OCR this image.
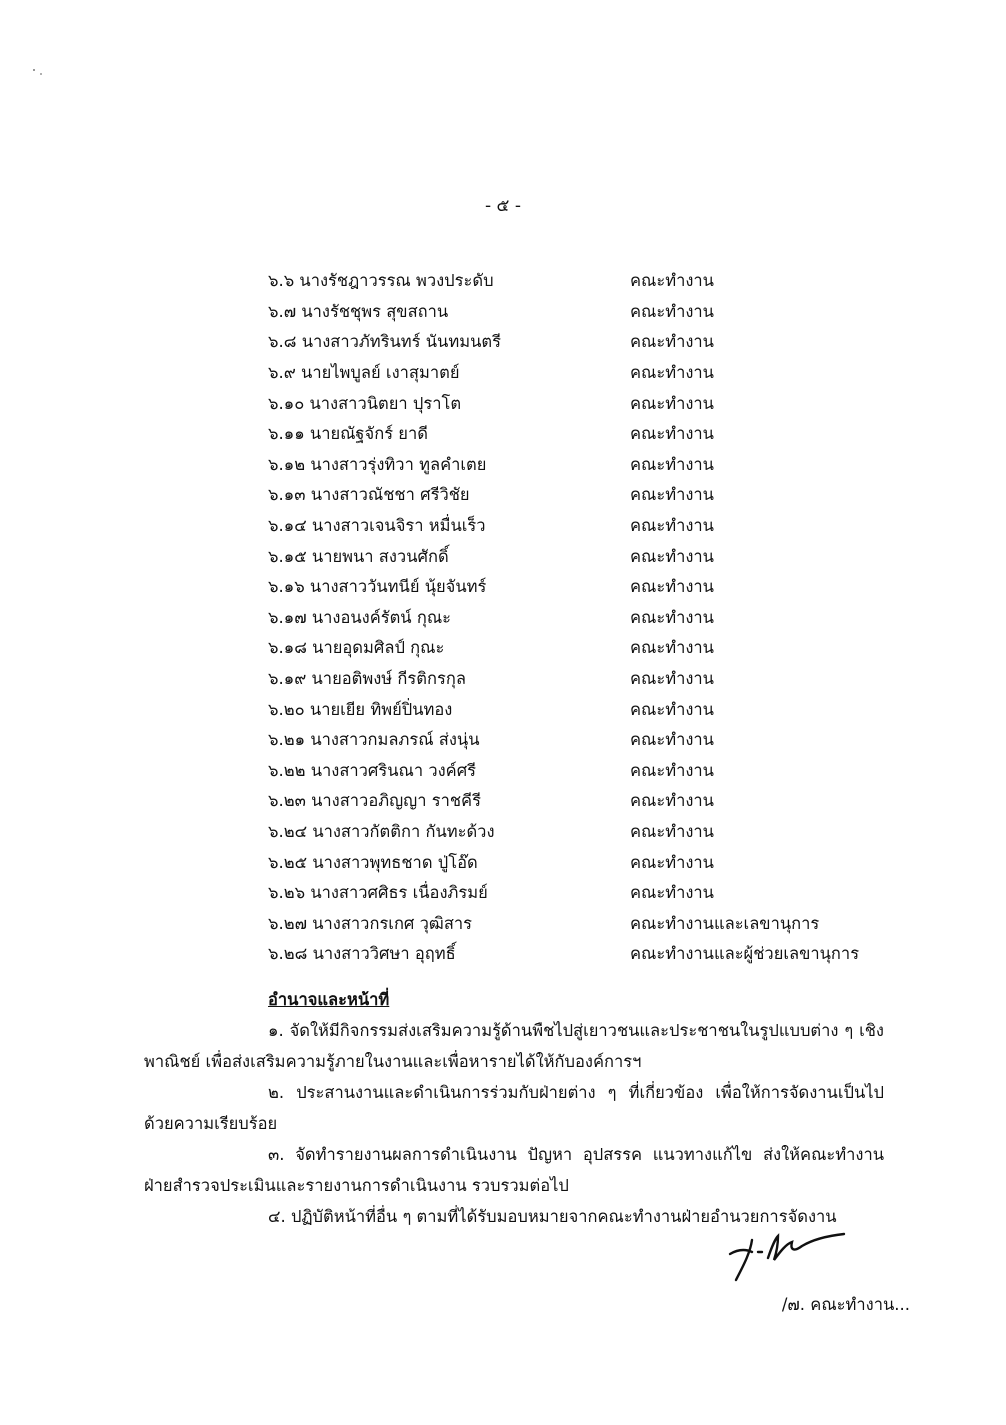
- ๕ -
๖.๖ นางรัชฎาวรรณ พวงประดับ	คณะทำงาน
๖.๗ นางรัชชุพร สุขสถาน	คณะทำงาน
๖.๘ นางสาวภัทรินทร์ นันทมนตรี	คณะทำงาน
๖.๙ นายไพบูลย์ เงาสุมาตย์	คณะทำงาน
๖.๑๐ นางสาวนิตยา ปุราโต	คณะทำงาน
๖.๑๑ นายณัฐจักร์ ยาดี	คณะทำงาน
๖.๑๒ นางสาวรุ่งทิวา ทูลคำเตย	คณะทำงาน
๖.๑๓ นางสาวณัชชา ศรีวิชัย	คณะทำงาน
๖.๑๔ นางสาวเจนจิรา หมื่นเร็ว	คณะทำงาน
๖.๑๕ นายพนา สงวนศักดิ์	คณะทำงาน
๖.๑๖ นางสาววันทนีย์ นุ้ยจันทร์	คณะทำงาน
๖.๑๗ นางอนงค์รัตน์ กุณะ	คณะทำงาน
๖.๑๘ นายอุดมศิลป์ กุณะ	คณะทำงาน
๖.๑๙ นายอติพงษ์ กีรติกรกุล	คณะทำงาน
๖.๒๐ นายเยีย ทิพย์ปิ่นทอง	คณะทำงาน
๖.๒๑ นางสาวกมลภรณ์ ส่งนุ่น	คณะทำงาน
๖.๒๒ นางสาวศรินณา วงค์ศรี	คณะทำงาน
๖.๒๓ นางสาวอภิญญา ราชคีรี	คณะทำงาน
๖.๒๔ นางสาวกัตติกา กันทะด้วง	คณะทำงาน
๖.๒๕ นางสาวพุทธชาด ปู่โอ๊ด	คณะทำงาน
๖.๒๖ นางสาวศศิธร เนื่องภิรมย์	คณะทำงาน
๖.๒๗ นางสาวกรเกศ วุฒิสาร	คณะทำงานและเลขานุการ
๖.๒๘ นางสาววิศษา อุฤทธิ์	คณะทำงานและผู้ช่วยเลขานุการ
อำนาจและหน้าที่
๑. จัดให้มีกิจกรรมส่งเสริมความรู้ด้านพืชไปสู่เยาวชนและประชาชนในรูปแบบต่าง ๆ เชิงพาณิชย์ เพื่อส่งเสริมความรู้ภายในงานและเพื่อหารายได้ให้กับองค์การฯ
๒. ประสานงานและดำเนินการร่วมกับฝ่ายต่าง ๆ ที่เกี่ยวข้อง เพื่อให้การจัดงานเป็นไปด้วยความเรียบร้อย
๓. จัดทำรายงานผลการดำเนินงาน ปัญหา อุปสรรค แนวทางแก้ไข ส่งให้คณะทำงานฝ่ายสำรวจประเมินและรายงานการดำเนินงาน รวบรวมต่อไป
๔. ปฏิบัติหน้าที่อื่น ๆ ตามที่ได้รับมอบหมายจากคณะทำงานฝ่ายอำนวยการจัดงาน
/๗. คณะทำงาน...
